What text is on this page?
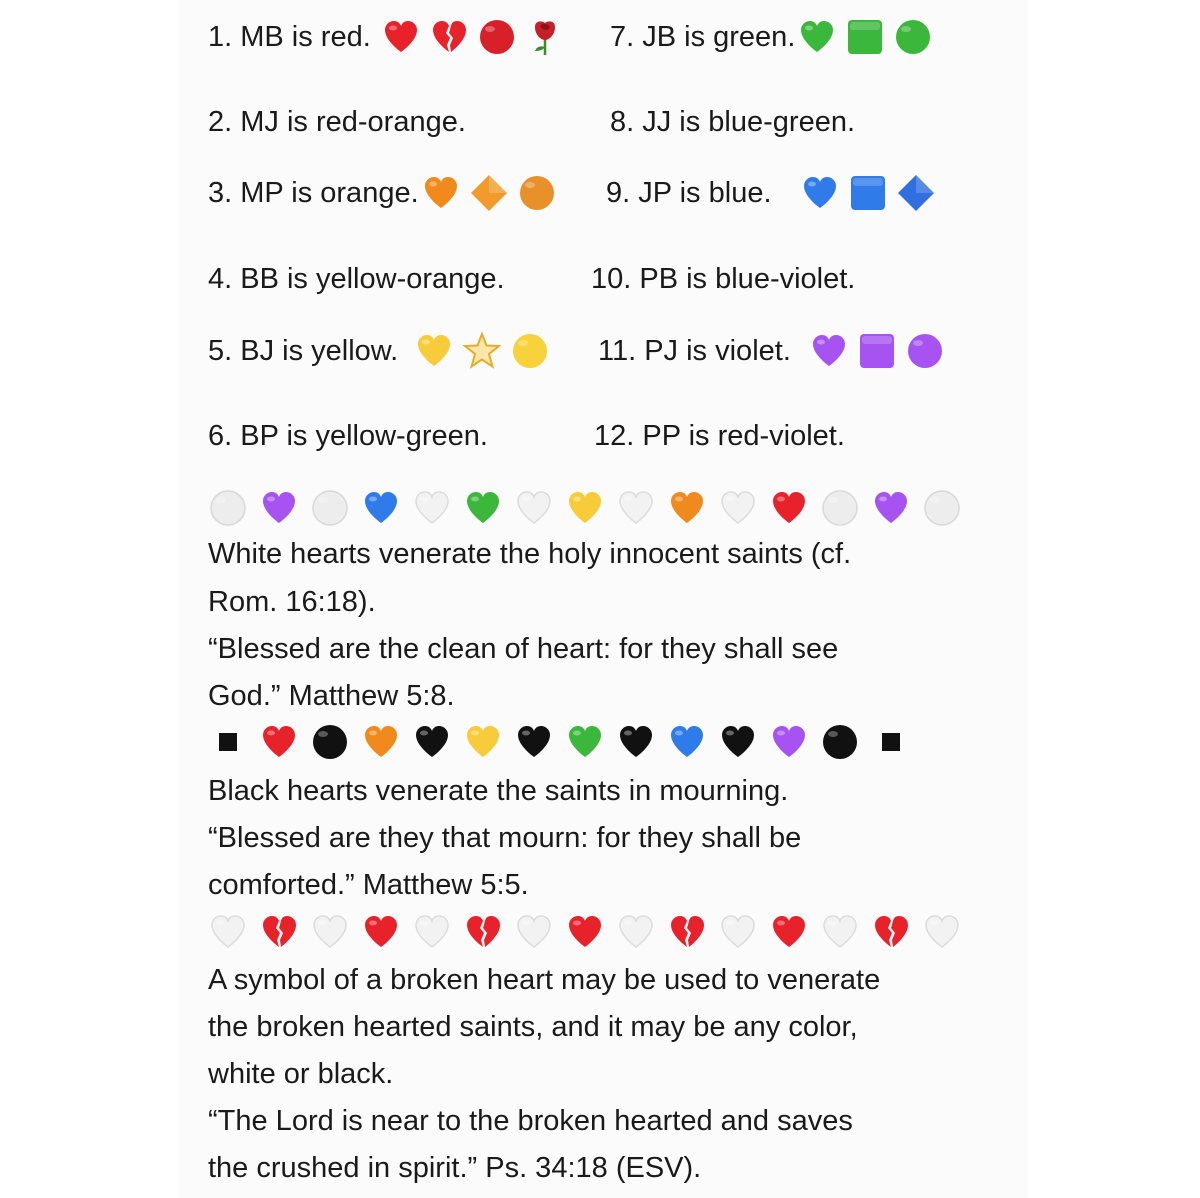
1. MB is red.	7. JB is green.
2. MJ is red-orange.	8. JJ is blue-green.
3. MP is orange.	9. JP is blue.
4. BB is yellow-orange.	10. PB is blue-violet.
5. BJ is yellow.	11. PJ is violet.
6. BP is yellow-green.	12. PP is red-violet.
White hearts venerate the holy innocent saints (cf.
Rom. 16:18).
“Blessed are the clean of heart: for they shall see
God.” Matthew 5:8.
Black hearts venerate the saints in mourning.
“Blessed are they that mourn: for they shall be
comforted.” Matthew 5:5.
A symbol of a broken heart may be used to venerate
the broken hearted saints, and it may be any color,
white or black.
“The Lord is near to the broken hearted and saves
the crushed in spirit.” Ps. 34:18 (ESV).
